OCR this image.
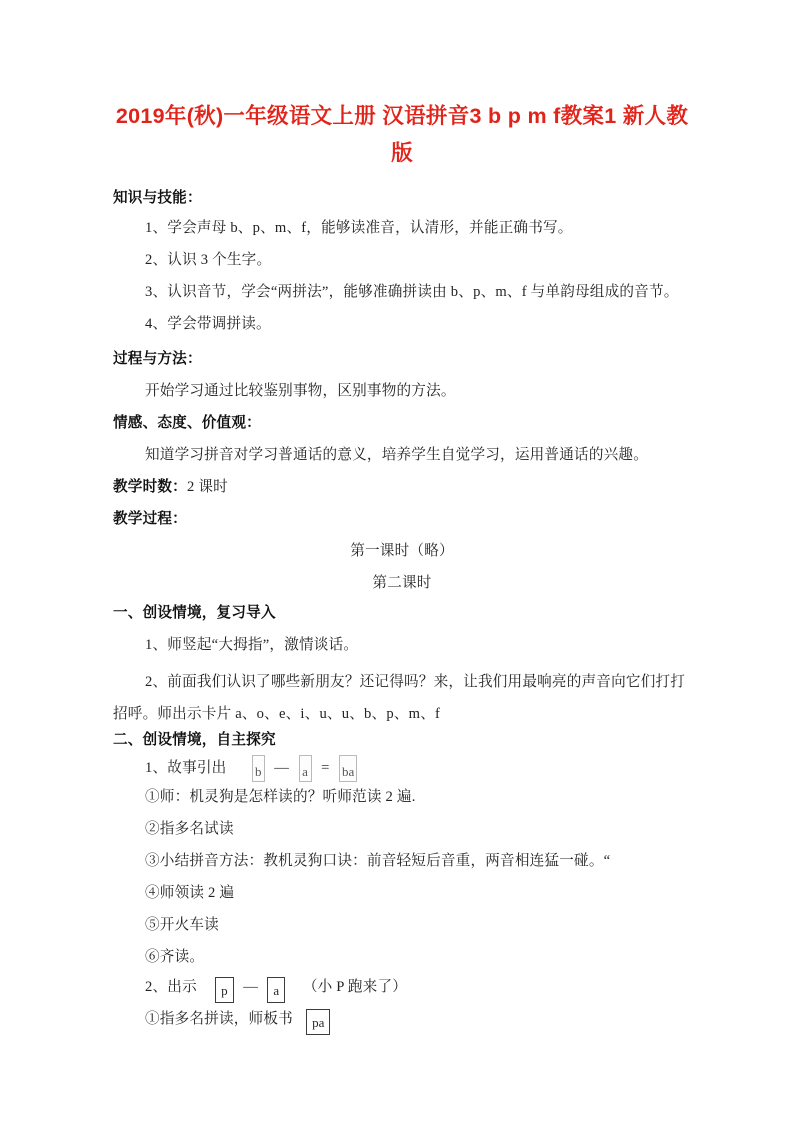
2019年(秋)一年级语文上册 汉语拼音3 b p m f教案1 新人教
版
知识与技能：
1、学会声母 b、p、m、f，能够读准音，认清形，并能正确书写。
2、认识 3 个生字。
3、认识音节，学会“两拼法”，能够准确拼读由 b、p、m、f 与单韵母组成的音节。
4、学会带调拼读。
过程与方法：
开始学习通过比较鉴别事物，区别事物的方法。
情感、态度、价值观：
知道学习拼音对学习普通话的意义，培养学生自觉学习，运用普通话的兴趣。
教学时数：2 课时
教学过程：
第一课时（略）
第二课时
一、创设情境，复习导入
1、师竖起“大拇指”，激情谈话。
2、前面我们认识了哪些新朋友？还记得吗？来，让我们用最响亮的声音向它们打打招呼。师出示卡片 a、o、e、i、u、u、b、p、m、f
二、创设情境，自主探究
1、故事引出 b — a = ba
①师：机灵狗是怎样读的？听师范读 2 遍.
②指多名试读
③小结拼音方法：教机灵狗口诀：前音轻短后音重，两音相连猛一碰。“
④师领读 2 遍
⑤开火车读
⑥齐读。
2、出示 p — a （小 P 跑来了）
①指多名拼读，师板书 pa
